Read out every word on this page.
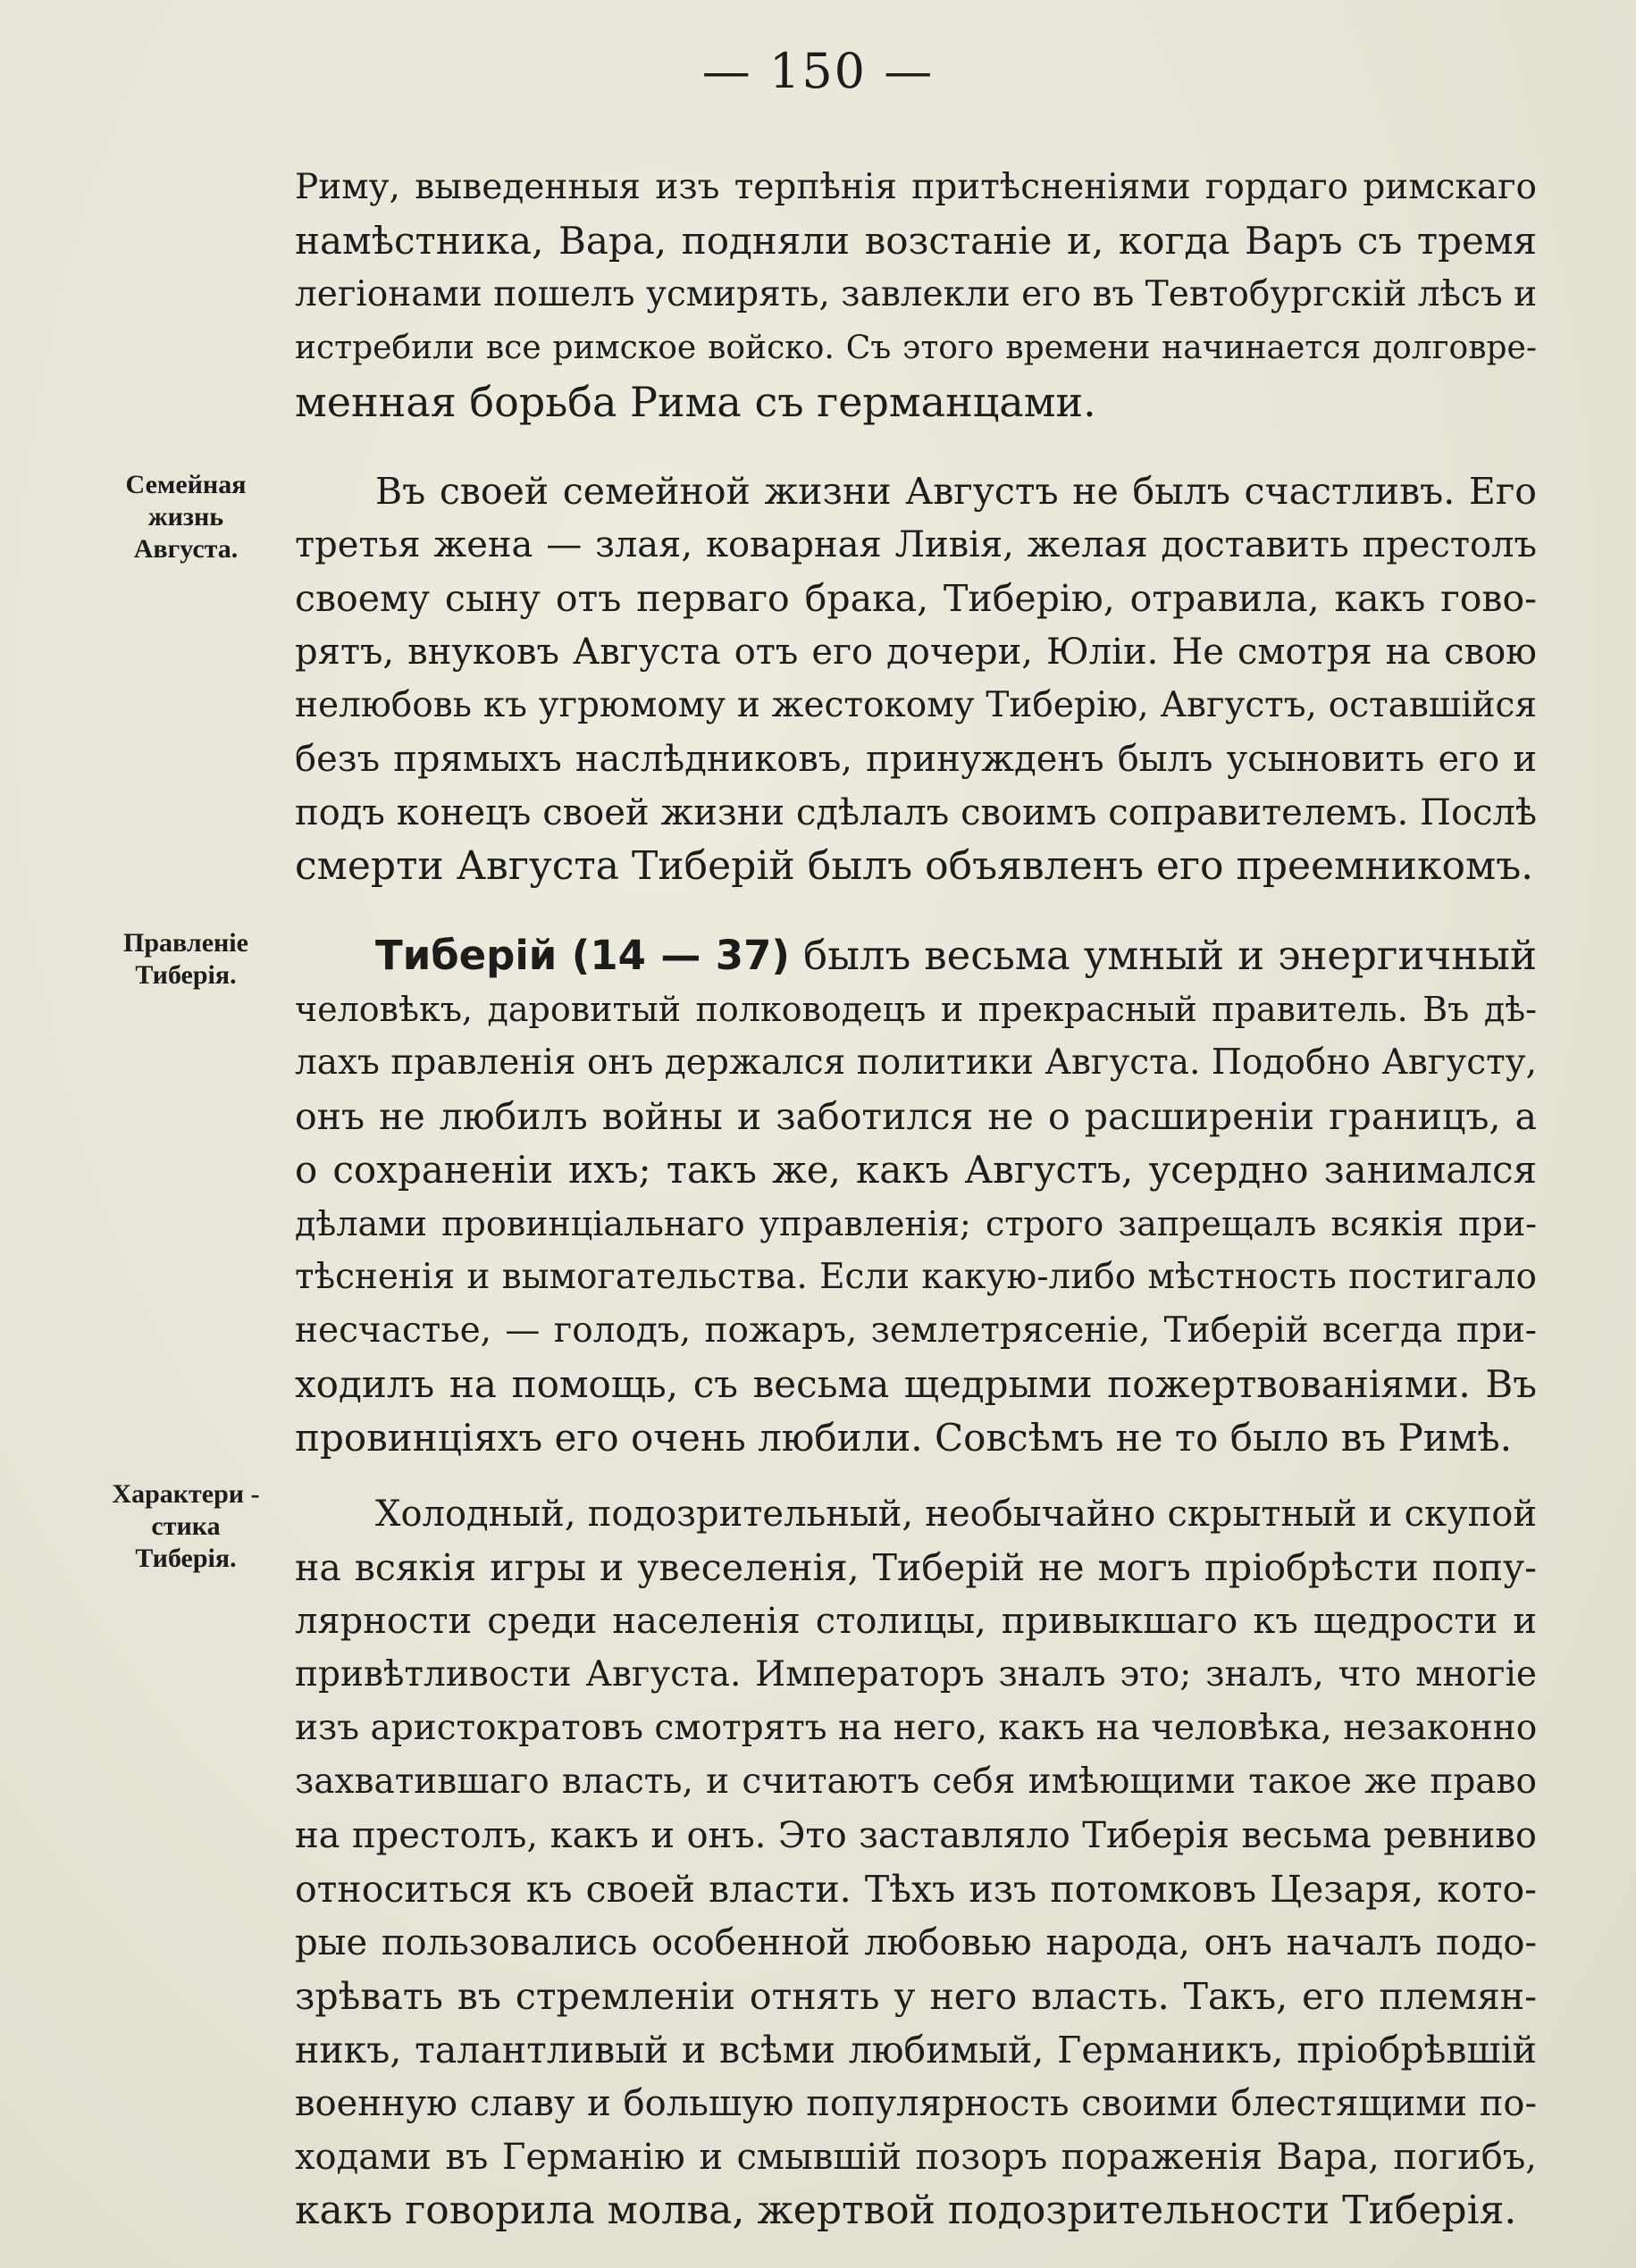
— 150 —
Риму, выведенныя изъ терпѣнія притѣсненіями гордаго римскаго
намѣстника, Вара, подняли возстаніе и, когда Варъ съ тремя
легіонами пошелъ усмирять, завлекли его въ Тевтобургскій лѣсъ и
истребили все римское войско. Съ этого времени начинается долговре-
менная борьба Рима съ германцами.
Семейная
жизнь
Августа.
Въ своей семейной жизни Августъ не былъ счастливъ. Его
третья жена — злая, коварная Ливія, желая доставить престолъ
своему сыну отъ перваго брака, Тиберію, отравила, какъ гово-
рятъ, внуковъ Августа отъ его дочери, Юліи. Не смотря на свою
нелюбовь къ угрюмому и жестокому Тиберію, Августъ, оставшійся
безъ прямыхъ наслѣдниковъ, принужденъ былъ усыновить его и
подъ конецъ своей жизни сдѣлалъ своимъ соправителемъ. Послѣ
смерти Августа Тиберій былъ объявленъ его преемникомъ.
Правленіе
Тиберія.	Тиберій (14 — 37) былъ весьма умный и энергичный
человѣкъ, даровитый полководецъ и прекрасный правитель. Въ дѣ-
лахъ правленія онъ держался политики Августа. Подобно Августу,
онъ не любилъ войны и заботился не о расширеніи границъ, а
о сохраненіи ихъ; такъ же, какъ Августъ, усердно занимался
дѣлами провинціальнаго управленія; строго запрещалъ всякія при-
тѣсненія и вымогательства. Если какую-либо мѣстность постигало
несчастье, — голодъ, пожаръ, землетрясеніе, Тиберій всегда при-
ходилъ на помощь, съ весьма щедрыми пожертвованіями. Въ
провинціяхъ его очень любили. Совсѣмъ не то было въ Римѣ.
Характери -
стика
Тиберія.
Холодный, подозрительный, необычайно скрытный и скупой
на всякія игры и увеселенія, Тиберій не могъ пріобрѣсти попу-
лярности среди населенія столицы, привыкшаго къ щедрости и
привѣтливости Августа. Императоръ зналъ это; зналъ, что многіе
изъ аристократовъ смотрятъ на него, какъ на человѣка, незаконно
захватившаго власть, и считаютъ себя имѣющими такое же право
на престолъ, какъ и онъ. Это заставляло Тиберія весьма ревниво
относиться къ своей власти. Тѣхъ изъ потомковъ Цезаря, кото-
рые пользовались особенной любовью народа, онъ началъ подо-
зрѣвать въ стремленіи отнять у него власть. Такъ, его племян-
никъ, талантливый и всѣми любимый, Германикъ, пріобрѣвшій
военную славу и большую популярность своими блестящими по-
ходами въ Германію и смывшій позоръ пораженія Вара, погибъ,
какъ говорила молва, жертвой подозрительности Тиберія.
